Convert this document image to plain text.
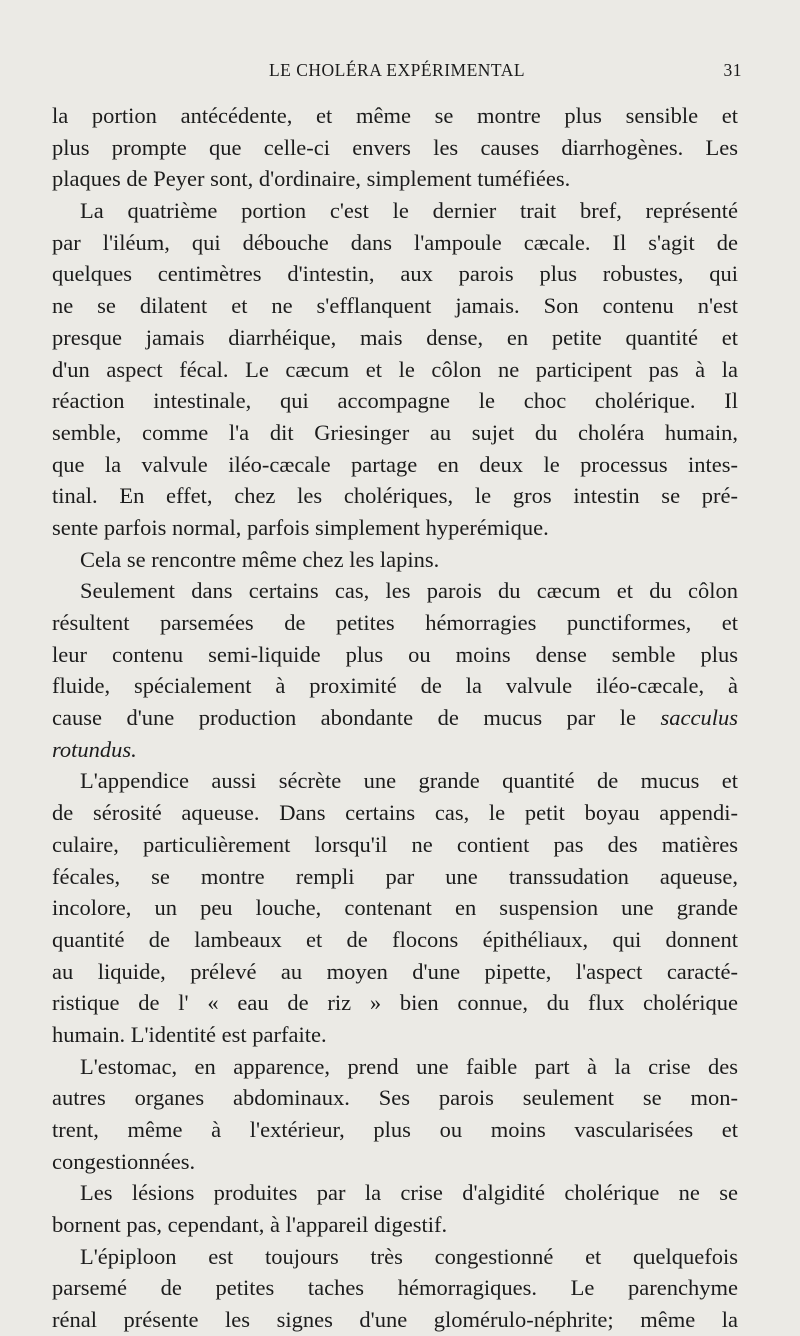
LE CHOLÉRA EXPÉRIMENTAL	31
la portion antécédente, et même se montre plus sensible et
plus prompte que celle-ci envers les causes diarrhogènes. Les
plaques de Peyer sont, d'ordinaire, simplement tuméfiées.
La quatrième portion c'est le dernier trait bref, représenté
par l'iléum, qui débouche dans l'ampoule cæcale. Il s'agit de
quelques centimètres d'intestin, aux parois plus robustes, qui
ne se dilatent et ne s'efflanquent jamais. Son contenu n'est
presque jamais diarrhéique, mais dense, en petite quantité et
d'un aspect fécal. Le cæcum et le côlon ne participent pas à la
réaction intestinale, qui accompagne le choc cholérique. Il
semble, comme l'a dit Griesinger au sujet du choléra humain,
que la valvule iléo-cæcale partage en deux le processus intes-
tinal. En effet, chez les cholériques, le gros intestin se pré-
sente parfois normal, parfois simplement hyperémique.
Cela se rencontre même chez les lapins.
Seulement dans certains cas, les parois du cæcum et du côlon
résultent parsemées de petites hémorragies punctiformes, et
leur contenu semi-liquide plus ou moins dense semble plus
fluide, spécialement à proximité de la valvule iléo-cæcale, à
cause d'une production abondante de mucus par le sacculus
rotundus.
L'appendice aussi sécrète une grande quantité de mucus et
de sérosité aqueuse. Dans certains cas, le petit boyau appendi-
culaire, particulièrement lorsqu'il ne contient pas des matières
fécales, se montre rempli par une transsudation aqueuse,
incolore, un peu louche, contenant en suspension une grande
quantité de lambeaux et de flocons épithéliaux, qui donnent
au liquide, prélevé au moyen d'une pipette, l'aspect caracté-
ristique de l' « eau de riz » bien connue, du flux cholérique
humain. L'identité est parfaite.
L'estomac, en apparence, prend une faible part à la crise des
autres organes abdominaux. Ses parois seulement se mon-
trent, même à l'extérieur, plus ou moins vascularisées et
congestionnées.
Les lésions produites par la crise d'algidité cholérique ne se
bornent pas, cependant, à l'appareil digestif.
L'épiploon est toujours très congestionné et quelquefois
parsemé de petites taches hémorragiques. Le parenchyme
rénal présente les signes d'une glomérulo-néphrite; même la
